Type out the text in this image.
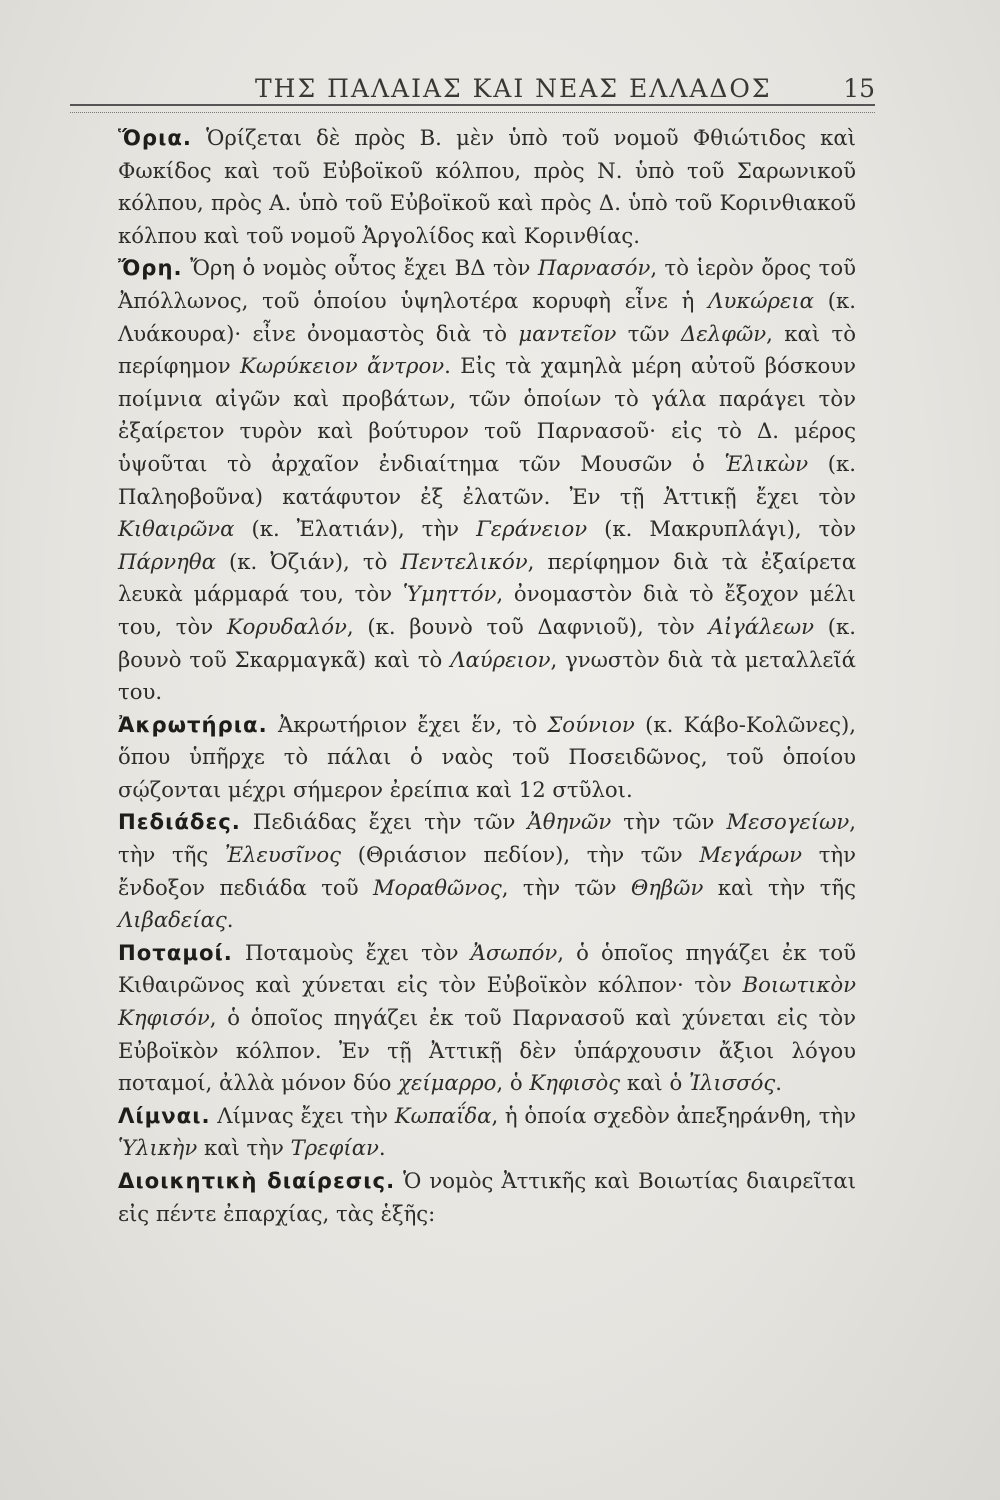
ΤΗΣ ΠΑΛΑΙΑΣ ΚΑΙ ΝΕΑΣ ΕΛΛΑΔΟΣ	15

Ὅρια. Ὁρίζεται δὲ πρὸς Β. μὲν ὑπὸ τοῦ νομοῦ Φθιώτιδος καὶ Φωκίδος καὶ τοῦ Εὐβοϊκοῦ κόλπου, πρὸς Ν. ὑπὸ τοῦ Σαρωνικοῦ κόλπου, πρὸς Α. ὑπὸ τοῦ Εὐβοϊκοῦ καὶ πρὸς Δ. ὑπὸ τοῦ Κορινθιακοῦ κόλπου καὶ τοῦ νομοῦ Ἀργολίδος καὶ Κορινθίας.

Ὄρη. Ὄρη ὁ νομὸς οὗτος ἔχει ΒΔ τὸν Παρνασόν, τὸ ἱερὸν ὄρος τοῦ Ἀπόλλωνος, τοῦ ὁποίου ὑψηλοτέρα κορυφὴ εἶνε ἡ Λυκώρεια (κ. Λυάκουρα)· εἶνε ὀνομαστὸς διὰ τὸ μαντεῖον τῶν Δελφῶν, καὶ τὸ περίφημον Κωρύκειον ἄντρον. Εἰς τὰ χαμηλὰ μέρη αὐτοῦ βόσκουν ποίμνια αἰγῶν καὶ προβάτων, τῶν ὁποίων τὸ γάλα παράγει τὸν ἐξαίρετον τυρὸν καὶ βούτυρον τοῦ Παρνασοῦ· εἰς τὸ Δ. μέρος ὑψοῦται τὸ ἀρχαῖον ἐνδιαίτημα τῶν Μουσῶν ὁ Ἑλικὼν (κ. Παληοβοῦνα) κατάφυτον ἐξ ἐλατῶν. Ἐν τῇ Ἀττικῇ ἔχει τὸν Κιθαιρῶνα (κ. Ἐλατιάν), τὴν Γεράνειον (κ. Μακρυπλάγι), τὸν Πάρνηθα (κ. Ὀζιάν), τὸ Πεντελικόν, περίφημον διὰ τὰ ἐξαίρετα λευκὰ μάρμαρά του, τὸν Ὑμηττόν, ὀνομαστὸν διὰ τὸ ἔξοχον μέλι του, τὸν Κορυδαλόν, (κ. βουνὸ τοῦ Δαφνιοῦ), τὸν Αἰγάλεων (κ. βουνὸ τοῦ Σκαρμαγκᾶ) καὶ τὸ Λαύρειον, γνωστὸν διὰ τὰ μεταλλεῖά του.

Ἀκρωτήρια. Ἀκρωτήριον ἔχει ἕν, τὸ Σούνιον (κ. Κάβο-Κολῶνες), ὅπου ὑπῆρχε τὸ πάλαι ὁ ναὸς τοῦ Ποσειδῶνος, τοῦ ὁποίου σῴζονται μέχρι σήμερον ἐρείπια καὶ 12 στῦλοι.

Πεδιάδες. Πεδιάδας ἔχει τὴν τῶν Ἀθηνῶν τὴν τῶν Μεσογείων, τὴν τῆς Ἐλευσῖνος (Θριάσιον πεδίον), τὴν τῶν Μεγάρων τὴν ἔνδοξον πεδιάδα τοῦ Μοραθῶνος, τὴν τῶν Θηβῶν καὶ τὴν τῆς Λιβαδείας.

Ποταμοί. Ποταμοὺς ἔχει τὸν Ἀσωπόν, ὁ ὁποῖος πηγάζει ἐκ τοῦ Κιθαιρῶνος καὶ χύνεται εἰς τὸν Εὐβοϊκὸν κόλπον· τὸν Βοιωτικὸν Κηφισόν, ὁ ὁποῖος πηγάζει ἐκ τοῦ Παρνασοῦ καὶ χύνεται εἰς τὸν Εὐβοϊκὸν κόλπον. Ἐν τῇ Ἀττικῇ δὲν ὑπάρχουσιν ἄξιοι λόγου ποταμοί, ἀλλὰ μόνον δύο χείμαρρο, ὁ Κηφισὸς καὶ ὁ Ἰλισσός.

Λίμναι. Λίμνας ἔχει τὴν Κωπαΐδα, ἡ ὁποία σχεδὸν ἀπεξηράνθη, τὴν Ὑλικὴν καὶ τὴν Τρεφίαν.

Διοικητικὴ διαίρεσις. Ὁ νομὸς Ἀττικῆς καὶ Βοιωτίας διαιρεῖται εἰς πέντε ἐπαρχίας, τὰς ἑξῆς:
